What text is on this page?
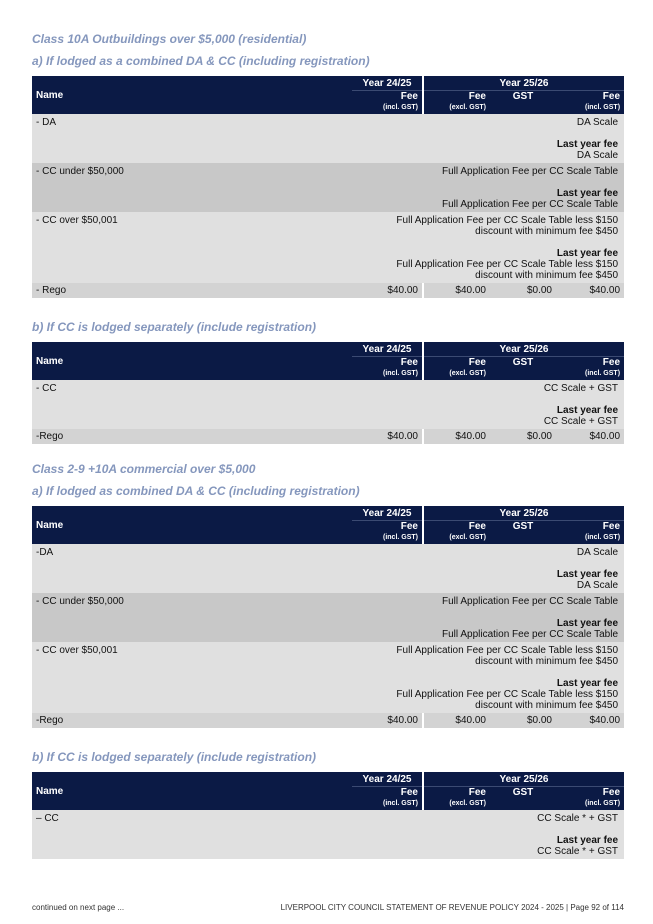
Class 10A Outbuildings over $5,000 (residential)

a) If lodged as a combined DA & CC (including registration)

Name	Year 24/25		Year 25/26		
	Fee		Fee	GST	Fee
	(incl. GST)		(excl. GST)		(incl. GST)
- DA	DA Scale
Last year fee
DA Scale				

- CC under $50,000	Full Application Fee per CC Scale Table
Last year fee
Full Application Fee per CC Scale Table				

- CC over $50,001	Full Application Fee per CC Scale Table less $150
discount with minimum fee $450
Last year fee
Full Application Fee per CC Scale Table less $150
discount with minimum fee $450				

- Rego	$40.00		$40.00	$0.00	$40.00

b) If CC is lodged separately (include registration)

Name	Year 24/25		Year 25/26		
	Fee		Fee	GST	Fee
	(incl. GST)		(excl. GST)		(incl. GST)
- CC	CC Scale + GST
Last year fee
CC Scale + GST				

-Rego	$40.00		$40.00	$0.00	$40.00

Class 2-9 +10A commercial over $5,000

a) If lodged as combined DA & CC (including registration)

Name	Year 24/25		Year 25/26		
	Fee		Fee	GST	Fee
	(incl. GST)		(excl. GST)		(incl. GST)
-DA	DA Scale
Last year fee
DA Scale				

- CC under $50,000	Full Application Fee per CC Scale Table
Last year fee
Full Application Fee per CC Scale Table				

- CC over $50,001	Full Application Fee per CC Scale Table less $150
discount with minimum fee $450
Last year fee
Full Application Fee per CC Scale Table less $150
discount with minimum fee $450				

-Rego	$40.00		$40.00	$0.00	$40.00

b) If CC is lodged separately (include registration)

Name	Year 24/25		Year 25/26		
	Fee		Fee	GST	Fee
	(incl. GST)		(excl. GST)		(incl. GST)
– CC	CC Scale * + GST
Last year fee
CC Scale * + GST				
continued on next page ...	LIVERPOOL CITY COUNCIL STATEMENT OF REVENUE POLICY 2024 - 2025 | Page 92 of 114
